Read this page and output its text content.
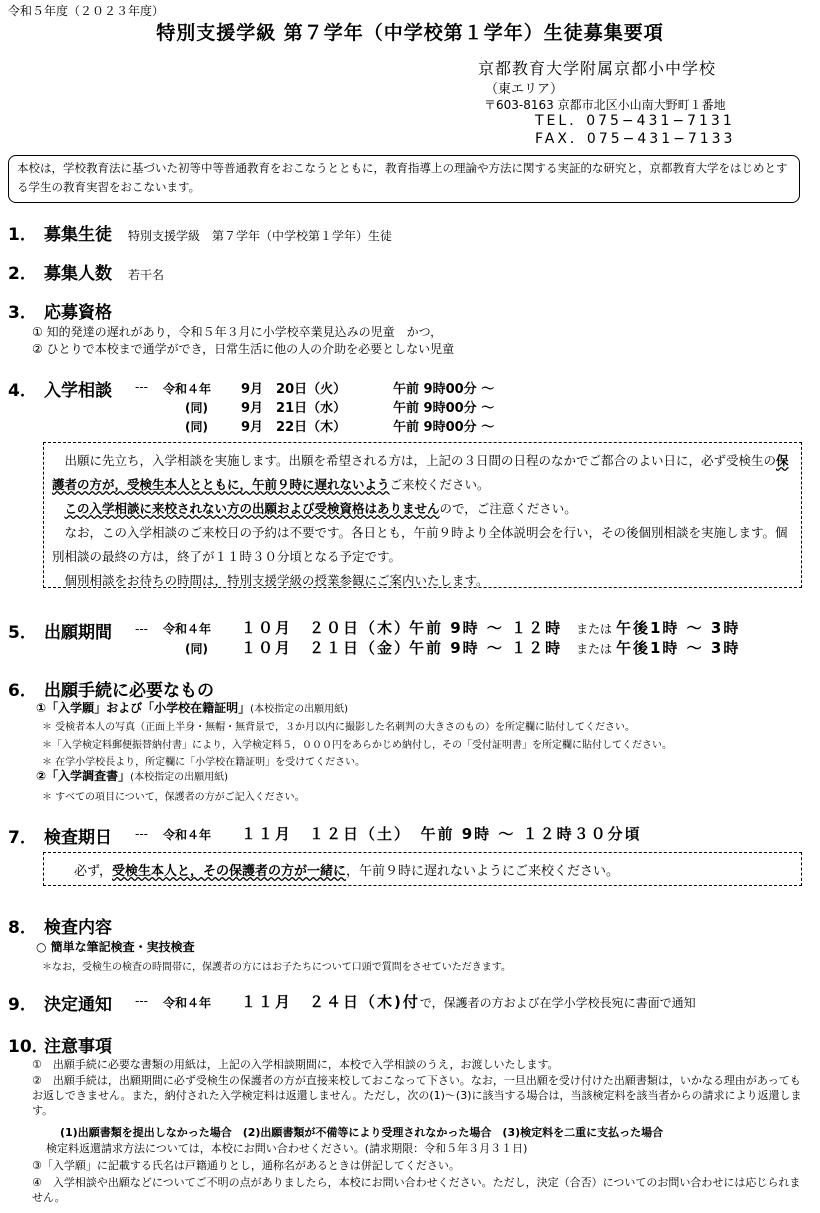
令和５年度（２０２３年度）
特別支援学級 第７学年（中学校第１学年）生徒募集要項
京都教育大学附属京都小中学校
（東エリア）
〒603-8163 京都市北区小山南大野町１番地
TEL．075−431−7131
FAX．075−431−7133
本校は，学校教育法に基づいた初等中等普通教育をおこなうとともに，教育指導上の理論や方法に関する実証的な研究と，京都教育大学をはじめとする学生の教育実習をおこないます。
1． 募集生徒 特別支援学級　第７学年（中学校第１学年）生徒
2． 募集人数 若干名
3． 応募資格
① 知的発達の遅れがあり，令和５年３月に小学校卒業見込みの児童　かつ，
② ひとりで本校まで通学ができ，日常生活に他の人の介助を必要としない児童
4． 入学相談 --- 令和４年 9月　20日（火）	午前 9時00分 ～
(同)	9月　21日（水）	午前 9時00分 ～
(同)	9月　22日（木）	午前 9時00分 ～
出願に先立ち，入学相談を実施します。出願を希望される方は，上記の３日間の日程のなかでご都合のよい日に，必ず受検生の保護者の方が，受検生本人とともに，午前９時に遅れないようご来校ください。
この入学相談に来校されない方の出願および受検資格はありませんので，ご注意ください。
なお，この入学相談のご来校日の予約は不要です。各日とも，午前９時より全体説明会を行い，その後個別相談を実施します。個別相談の最終の方は，終了が１１時３０分頃となる予定です。
個別相談をお待ちの時間は，特別支援学級の授業参観にご案内いたします。
5． 出願期間 --- 令和４年 １０月　２０日（木）午前 9時 ～ １２時 または 午後1時 ～ 3時
(同) １０月　２１日（金）午前 9時 ～ １２時 または 午後1時 ～ 3時
6． 出願手続に必要なもの
①「入学願」および「小学校在籍証明」(本校指定の出願用紙)
＊ 受検者本人の写真（正面上半身・無帽・無背景で，３か月以内に撮影した名刺判の大きさのもの）を所定欄に貼付してください。
＊「入学検定料郵便振替納付書」により，入学検定料５，０００円をあらかじめ納付し，その「受付証明書」を所定欄に貼付してください。
＊ 在学小学校長より，所定欄に「小学校在籍証明」を受けてください。
②「入学調査書」(本校指定の出願用紙)
＊ すべての項目について，保護者の方がご記入ください。
7． 検査期日 --- 令和４年 １１月　１２日（土）　午前 9時 ～ １２時３０分頃
必ず，受検生本人と，その保護者の方が一緒に，午前９時に遅れないようにご来校ください。
8． 検査内容
○ 簡単な筆記検査・実技検査
＊なお，受検生の検査の時間帯に，保護者の方にはお子たちについて口頭で質問をさせていただきます。
9． 決定通知 --- 令和４年 １１月　２４日（木)付で，保護者の方および在学小学校長宛に書面で通知
10．注意事項
①　出願手続に必要な書類の用紙は，上記の入学相談期間に，本校で入学相談のうえ，お渡しいたします。
②　出願手続は，出願期間に必ず受検生の保護者の方が直接来校しておこなって下さい。なお，一旦出願を受け付けた出願書類は，いかなる理由があってもお返しできません。また，納付された入学検定料は返還しません。ただし，次の(1)～(3)に該当する場合は，当該検定料を該当者からの請求により返還します。
(1)出願書類を提出しなかった場合　(2)出願書類が不備等により受理されなかった場合　(3)検定料を二重に支払った場合
検定料返還請求方法については，本校にお問い合わせください。(請求期限：令和５年３月３１日)
③「入学願」に記載する氏名は戸籍通りとし，通称名があるときは併記してください。
④　入学相談や出願などについてご不明の点がありましたら，本校にお問い合わせください。ただし，決定（合否）についてのお問い合わせには応じられません。
